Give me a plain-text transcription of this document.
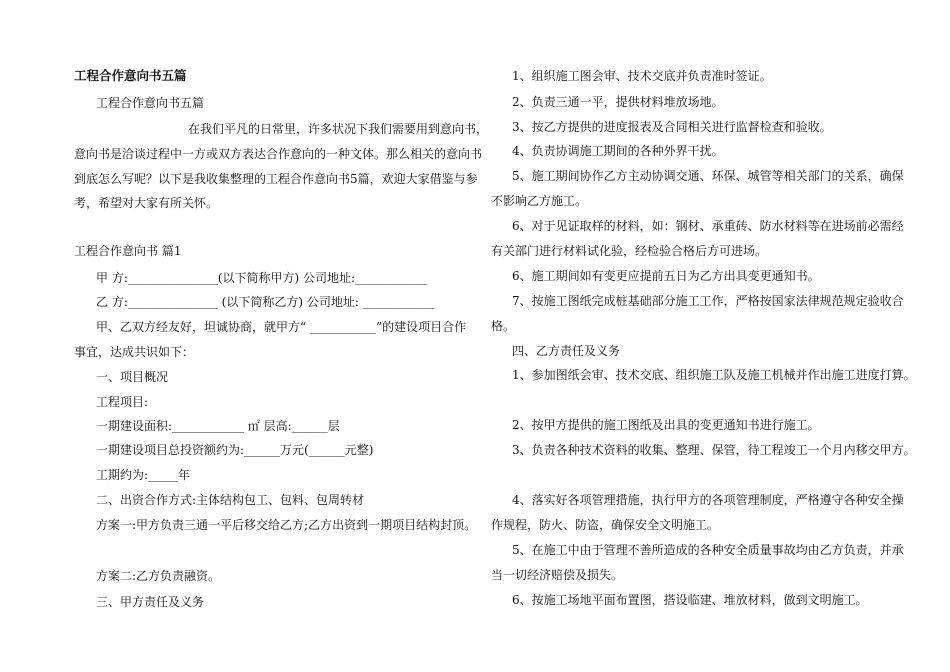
工程合作意向书五篇
工程合作意向书五篇
在我们平凡的日常里，许多状况下我们需要用到意向书，
意向书是洽谈过程中一方或双方表达合作意向的一种文体。那么相关的意向书
到底怎么写呢？以下是我收集整理的工程合作意向书5篇，欢迎大家借鉴与参
考，希望对大家有所关怀。
工程合作意向书 篇1
甲 方:_______________(以下简称甲方) 公司地址:____________
乙 方:_______________ (以下简称乙方) 公司地址: ____________
甲、乙双方经友好，坦诚协商，就甲方“ ___________”的建设项目合作
事宜，达成共识如下：
一、项目概况
工程项目:
一期建设面积:____________ ㎡ 层高:______层
一期建设项目总投资额约为:______万元(______元整)
工期约为:_____年
二、出资合作方式:主体结构包工、包料、包周转材
方案一:甲方负责三通一平后移交给乙方;乙方出资到一期项目结构封顶。
方案二:乙方负责融资。
三、甲方责任及义务
1、组织施工图会审、技术交底并负责准时签证。
2、负责三通一平，提供材料堆放场地。
3、按乙方提供的进度报表及合同相关进行监督检查和验收。
4、负责协调施工期间的各种外界干扰。
5、施工期间协作乙方主动协调交通、环保、城管等相关部门的关系，确保
不影响乙方施工。
6、对于见证取样的材料，如：钢材、承重砖、防水材料等在进场前必需经
有关部门进行材料试化验，经检验合格后方可进场。
6、施工期间如有变更应提前五日为乙方出具变更通知书。
7、按施工图纸完成桩基础部分施工工作，严格按国家法律规范规定验收合
格。
四、乙方责任及义务
1、参加图纸会审、技术交底、组织施工队及施工机械并作出施工进度打算。
2、按甲方提供的施工图纸及出具的变更通知书进行施工。
3、负责各种技术资料的收集、整理、保管，待工程竣工一个月内移交甲方。
4、落实好各项管理措施，执行甲方的各项管理制度，严格遵守各种安全操
作规程，防火、防盗，确保安全文明施工。
5、在施工中由于管理不善所造成的各种安全质量事故均由乙方负责，并承
当一切经济赔偿及损失。
6、按施工场地平面布置图，搭设临建、堆放材料，做到文明施工。
